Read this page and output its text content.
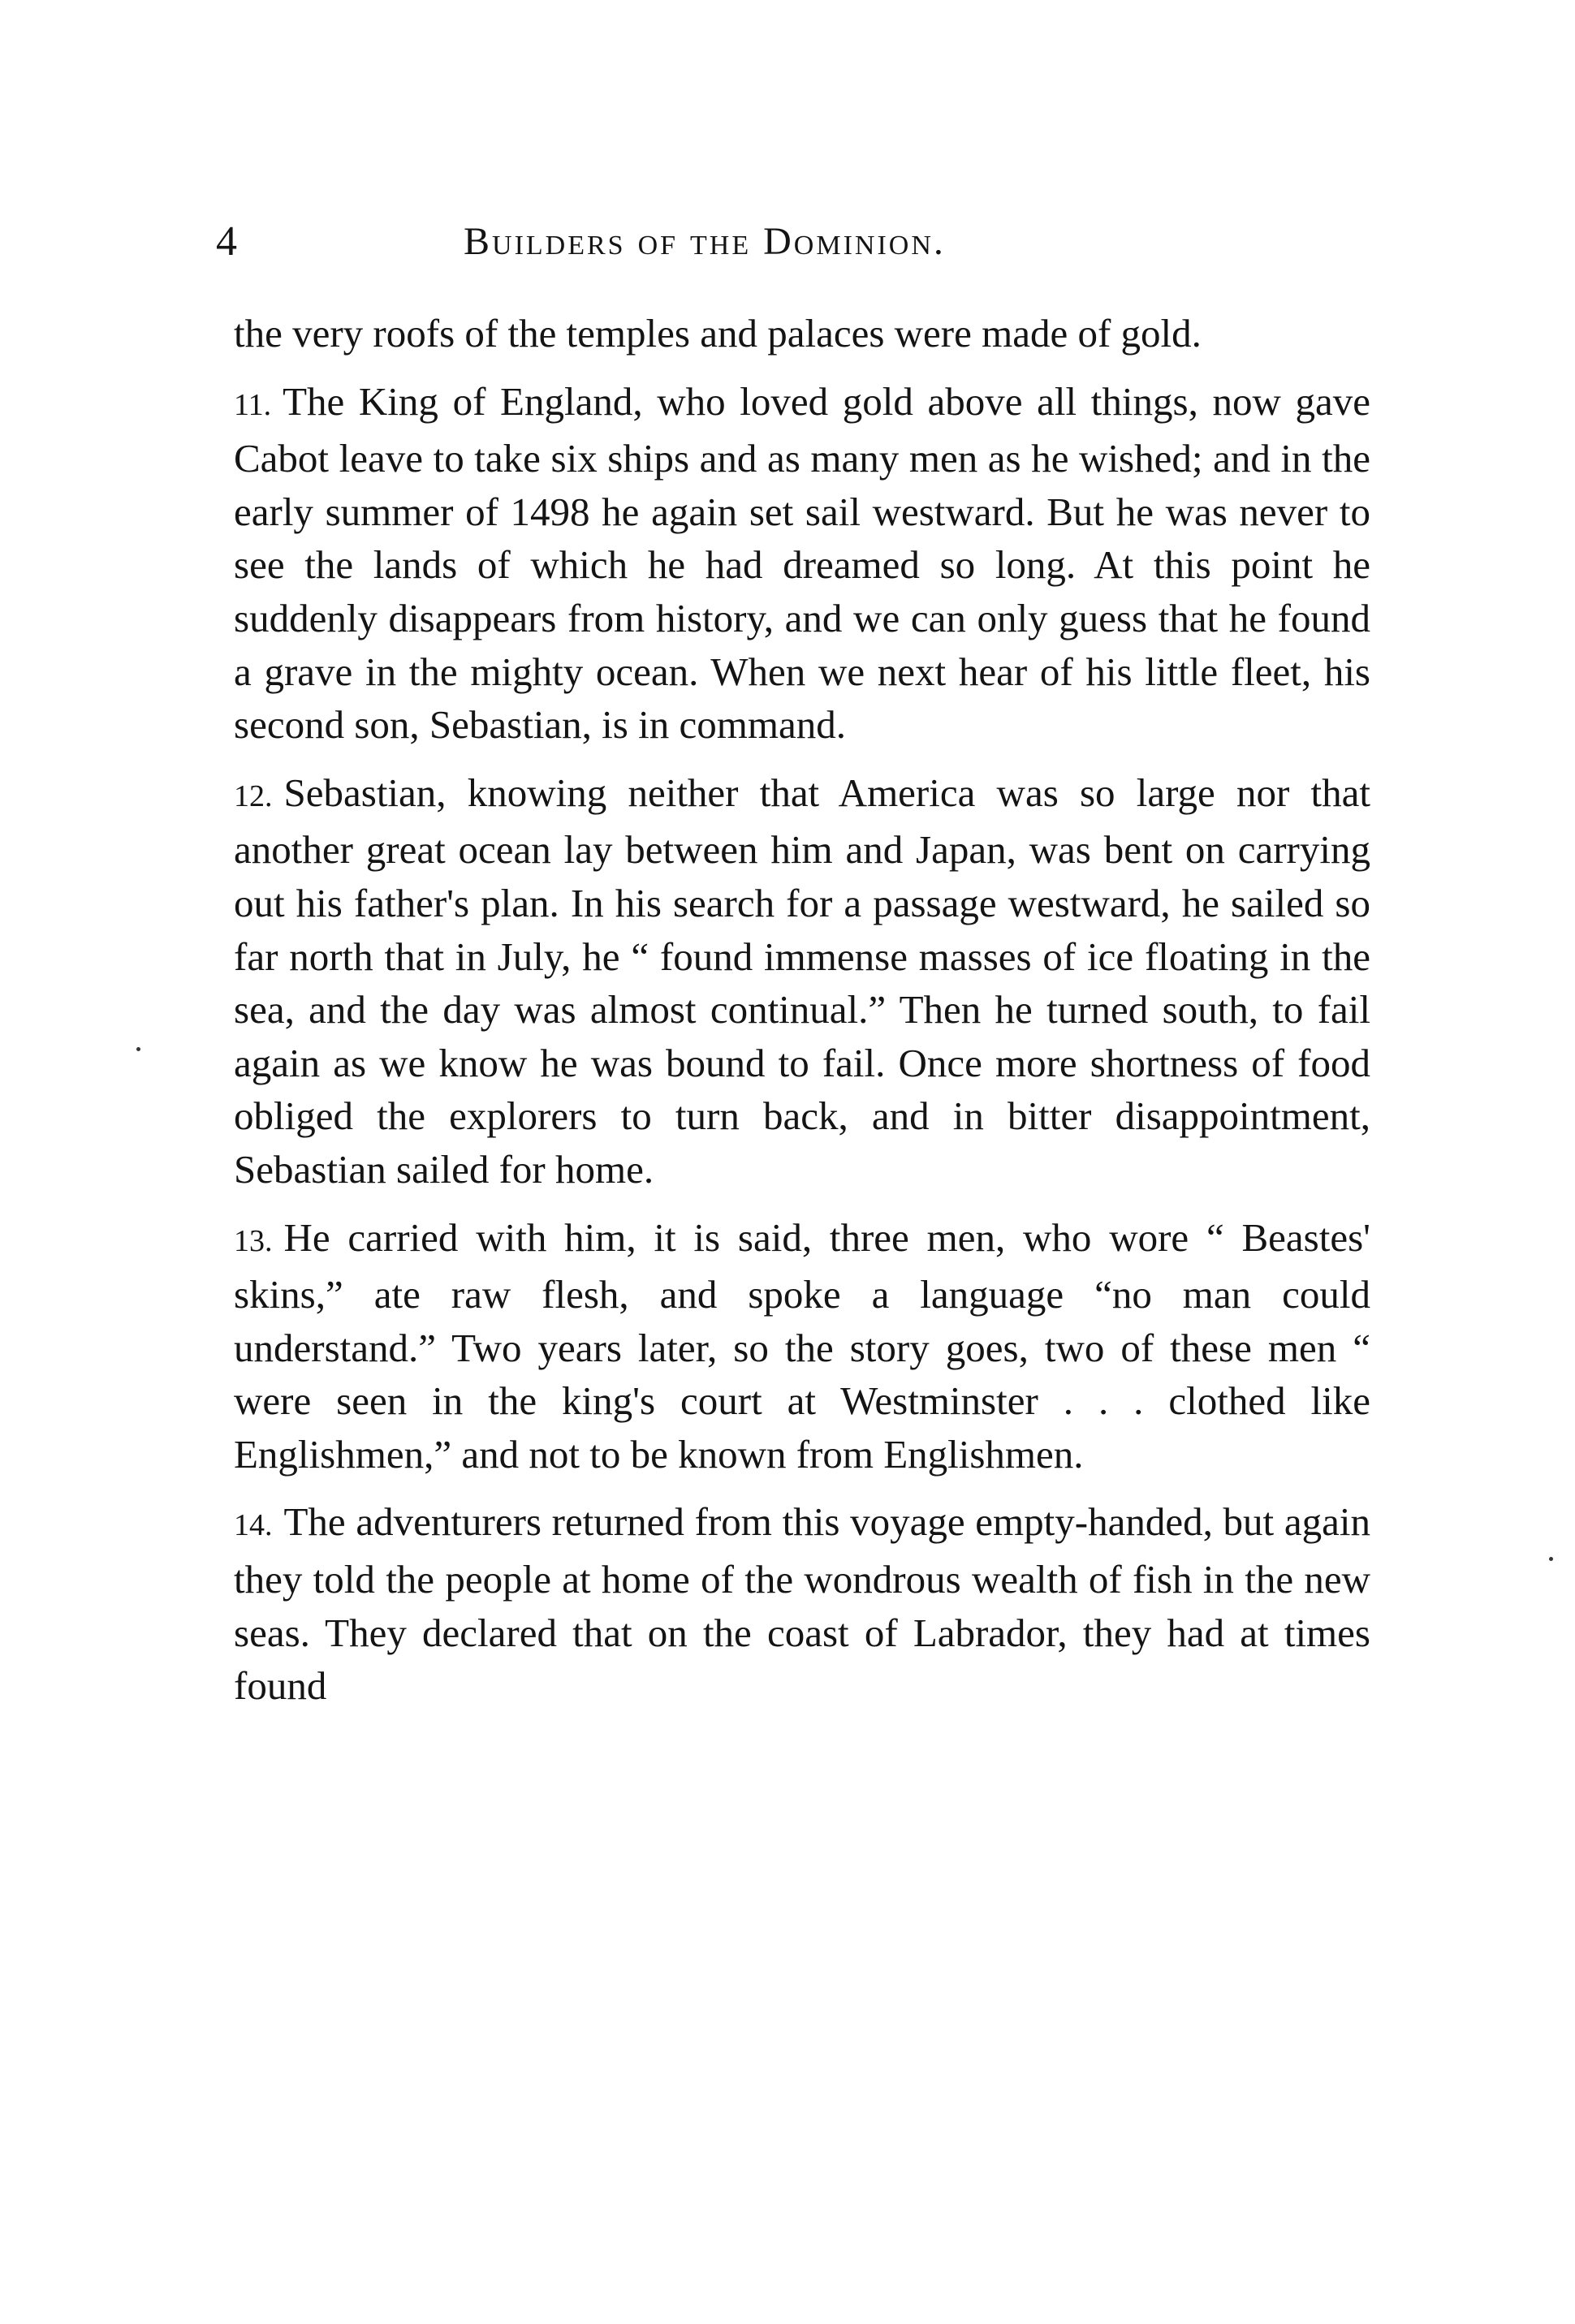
4	Builders of the Dominion.

the very roofs of the temples and palaces were made of gold.

11. The King of England, who loved gold above all things, now gave Cabot leave to take six ships and as many men as he wished; and in the early summer of 1498 he again set sail westward. But he was never to see the lands of which he had dreamed so long. At this point he suddenly disappears from history, and we can only guess that he found a grave in the mighty ocean. When we next hear of his little fleet, his second son, Sebastian, is in command.

12. Sebastian, knowing neither that America was so large nor that another great ocean lay between him and Japan, was bent on carrying out his father's plan. In his search for a passage westward, he sailed so far north that in July, he “ found immense masses of ice floating in the sea, and the day was almost continual.” Then he turned south, to fail again as we know he was bound to fail. Once more shortness of food obliged the explorers to turn back, and in bitter disappointment, Sebastian sailed for home.

13. He carried with him, it is said, three men, who wore “ Beastes' skins,” ate raw flesh, and spoke a language “no man could understand.” Two years later, so the story goes, two of these men “ were seen in the king's court at Westminster . . . clothed like Englishmen,” and not to be known from Englishmen.

14. The adventurers returned from this voyage empty-handed, but again they told the people at home of the wondrous wealth of fish in the new seas. They declared that on the coast of Labrador, they had at times found
